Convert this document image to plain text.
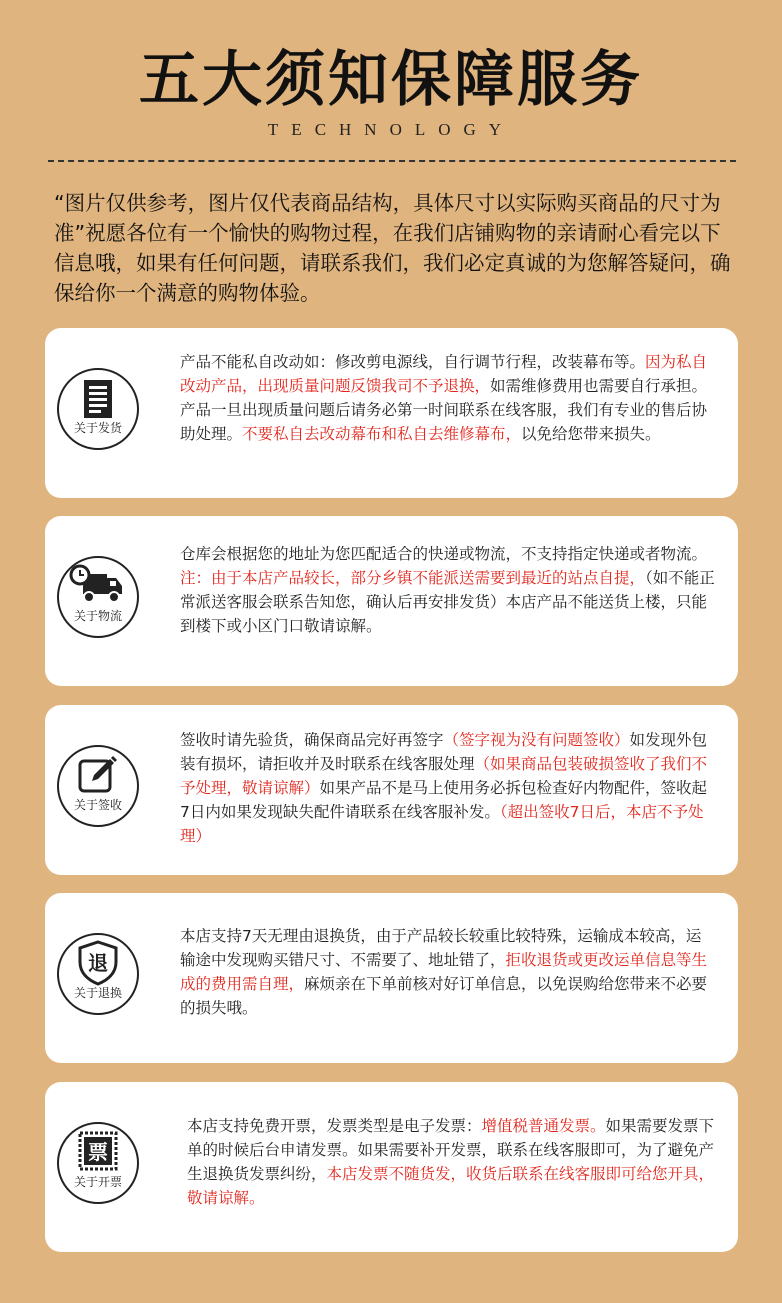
五大须知保障服务
TECHNOLOGY
“图片仅供参考，图片仅代表商品结构，具体尺寸以实际购买商品的尺寸为准”祝愿各位有一个愉快的购物过程，在我们店铺购物的亲请耐心看完以下信息哦，如果有任何问题，请联系我们，我们必定真诚的为您解答疑问，确保给你一个满意的购物体验。
关于发货
产品不能私自改动如：修改剪电源线，自行调节行程，改装幕布等。因为私自改动产品，出现质量问题反馈我司不予退换，如需维修费用也需要自行承担。产品一旦出现质量问题后请务必第一时间联系在线客服，我们有专业的售后协助处理。不要私自去改动幕布和私自去维修幕布，以免给您带来损失。
关于物流
仓库会根据您的地址为您匹配适合的快递或物流，不支持指定快递或者物流。注：由于本店产品较长，部分乡镇不能派送需要到最近的站点自提，（如不能正常派送客服会联系告知您，确认后再安排发货）本店产品不能送货上楼，只能到楼下或小区门口敬请谅解。
关于签收
签收时请先验货，确保商品完好再签字（签字视为没有问题签收）如发现外包装有损坏，请拒收并及时联系在线客服处理（如果商品包装破损签收了我们不予处理，敬请谅解）如果产品不是马上使用务必拆包检查好内物配件，签收起7日内如果发现缺失配件请联系在线客服补发。（超出签收7日后，本店不予处理）
退
关于退换
本店支持7天无理由退换货，由于产品较长较重比较特殊，运输成本较高，运输途中发现购买错尺寸、不需要了、地址错了，拒收退货或更改运单信息等生成的费用需自理，麻烦亲在下单前核对好订单信息，以免误购给您带来不必要的损失哦。
票
关于开票
本店支持免费开票，发票类型是电子发票：增值税普通发票。如果需要发票下单的时候后台申请发票。如果需要补开发票，联系在线客服即可，为了避免产生退换货发票纠纷，本店发票不随货发，收货后联系在线客服即可给您开具，敬请谅解。
